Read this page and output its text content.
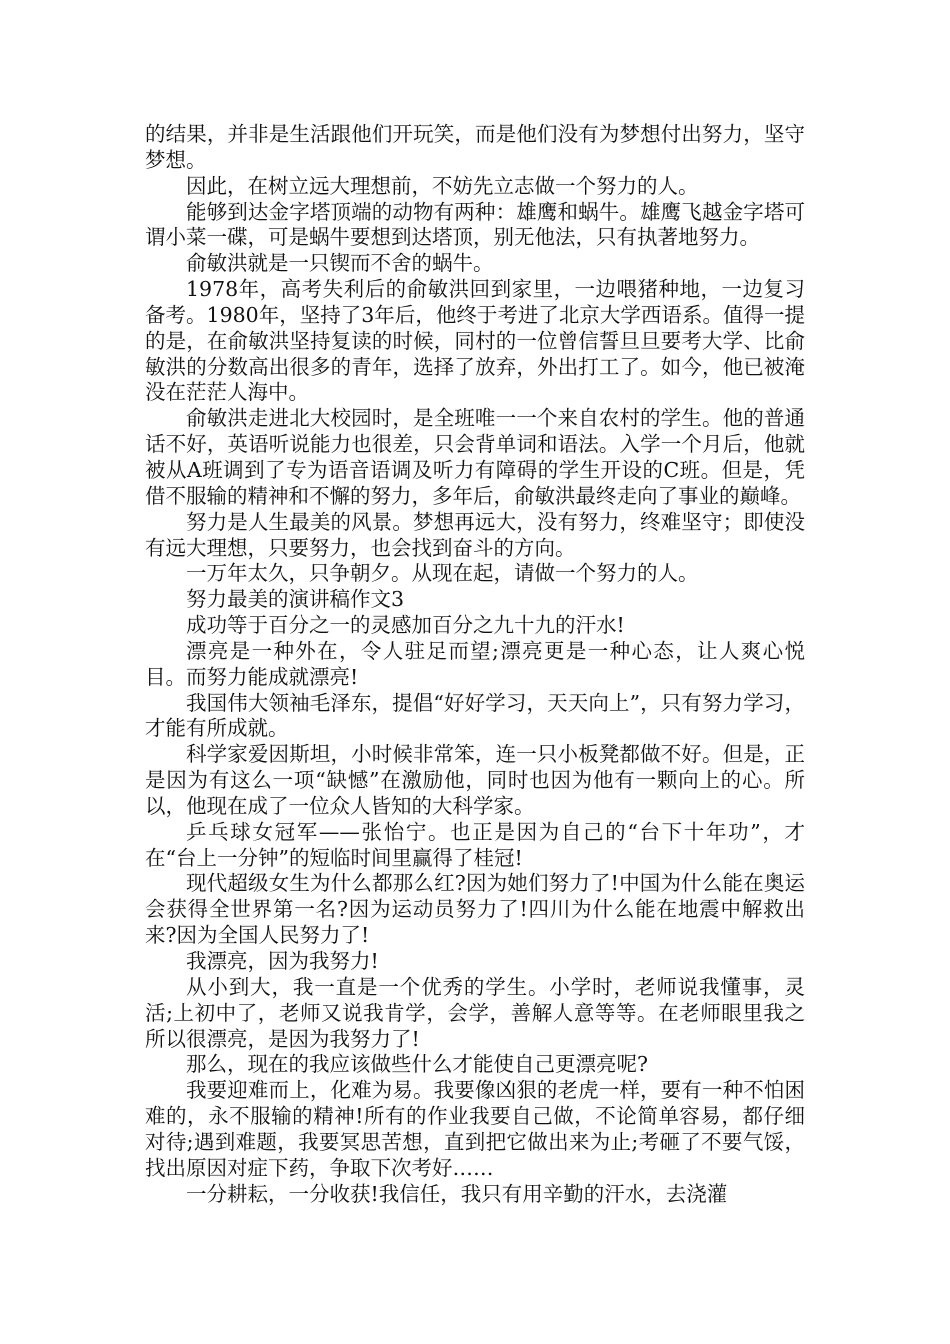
的结果，并非是生活跟他们开玩笑，而是他们没有为梦想付出努力，坚守梦想。

因此，在树立远大理想前，不妨先立志做一个努力的人。

能够到达金字塔顶端的动物有两种：雄鹰和蜗牛。雄鹰飞越金字塔可谓小菜一碟，可是蜗牛要想到达塔顶，别无他法，只有执著地努力。

俞敏洪就是一只锲而不舍的蜗牛。

1978年，高考失利后的俞敏洪回到家里，一边喂猪种地，一边复习备考。1980年，坚持了3年后，他终于考进了北京大学西语系。值得一提的是，在俞敏洪坚持复读的时候，同村的一位曾信誓旦旦要考大学、比俞敏洪的分数高出很多的青年，选择了放弃，外出打工了。如今，他已被淹没在茫茫人海中。

俞敏洪走进北大校园时，是全班唯一一个来自农村的学生。他的普通话不好，英语听说能力也很差，只会背单词和语法。入学一个月后，他就被从A班调到了专为语音语调及听力有障碍的学生开设的C班。但是，凭借不服输的精神和不懈的努力，多年后，俞敏洪最终走向了事业的巅峰。

努力是人生最美的风景。梦想再远大，没有努力，终难坚守；即使没有远大理想，只要努力，也会找到奋斗的方向。

一万年太久，只争朝夕。从现在起，请做一个努力的人。

努力最美的演讲稿作文3

成功等于百分之一的灵感加百分之九十九的汗水!

漂亮是一种外在，令人驻足而望;漂亮更是一种心态，让人爽心悦目。而努力能成就漂亮!

我国伟大领袖毛泽东，提倡“好好学习，天天向上”，只有努力学习，才能有所成就。

科学家爱因斯坦，小时候非常笨，连一只小板凳都做不好。但是，正是因为有这么一项“缺憾”在激励他，同时也因为他有一颗向上的心。所以，他现在成了一位众人皆知的大科学家。

乒乓球女冠军——张怡宁。也正是因为自己的“台下十年功”，才在“台上一分钟”的短临时间里赢得了桂冠!

现代超级女生为什么都那么红?因为她们努力了!中国为什么能在奥运会获得全世界第一名?因为运动员努力了!四川为什么能在地震中解救出来?因为全国人民努力了!

我漂亮，因为我努力!

从小到大，我一直是一个优秀的学生。小学时，老师说我懂事，灵活;上初中了，老师又说我肯学，会学，善解人意等等。在老师眼里我之所以很漂亮，是因为我努力了!

那么，现在的我应该做些什么才能使自己更漂亮呢?

我要迎难而上，化难为易。我要像凶狠的老虎一样，要有一种不怕困难的，永不服输的精神!所有的作业我要自己做，不论简单容易，都仔细对待;遇到难题，我要冥思苦想，直到把它做出来为止;考砸了不要气馁，找出原因对症下药，争取下次考好……

一分耕耘，一分收获!我信任，我只有用辛勤的汗水，去浇灌
